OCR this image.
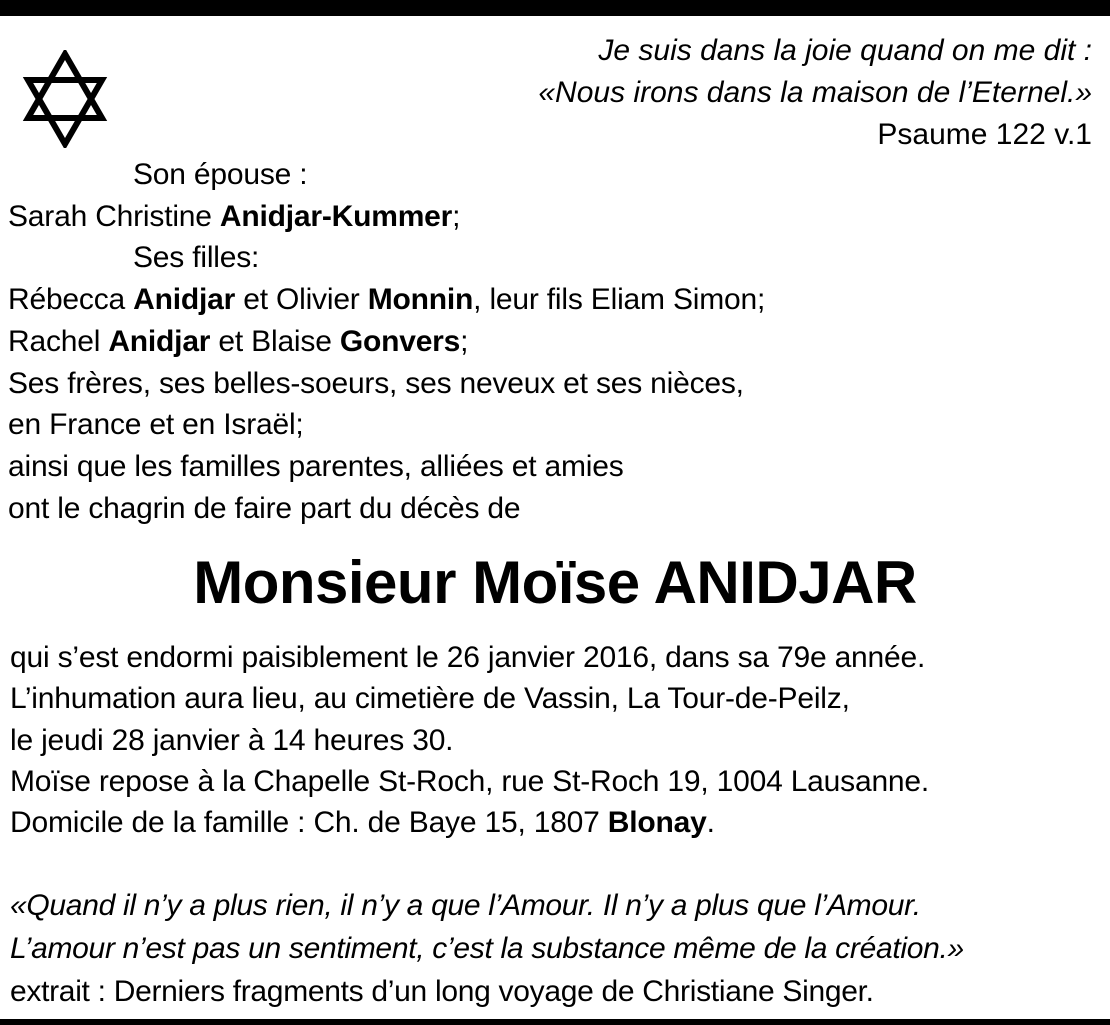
Je suis dans la joie quand on me dit :
«Nous irons dans la maison de l’Eternel.»
Psaume 122 v.1
Son épouse :
Sarah Christine Anidjar-Kummer;
Ses filles:
Rébecca Anidjar et Olivier Monnin, leur fils Eliam Simon;
Rachel Anidjar et Blaise Gonvers;
Ses frères, ses belles-soeurs, ses neveux et ses nièces,
en France et en Israël;
ainsi que les familles parentes, alliées et amies
ont le chagrin de faire part du décès de
Monsieur Moïse ANIDJAR
qui s’est endormi paisiblement le 26 janvier 2016, dans sa 79e année.
L’inhumation aura lieu, au cimetière de Vassin, La Tour-de-Peilz,
le jeudi 28 janvier à 14 heures 30.
Moïse repose à la Chapelle St-Roch, rue St-Roch 19, 1004 Lausanne.
Domicile de la famille : Ch. de Baye 15, 1807 Blonay.
«Quand il n’y a plus rien, il n’y a que l’Amour. Il n’y a plus que l’Amour.
L’amour n’est pas un sentiment, c’est la substance même de la création.»
extrait : Derniers fragments d’un long voyage de Christiane Singer.
